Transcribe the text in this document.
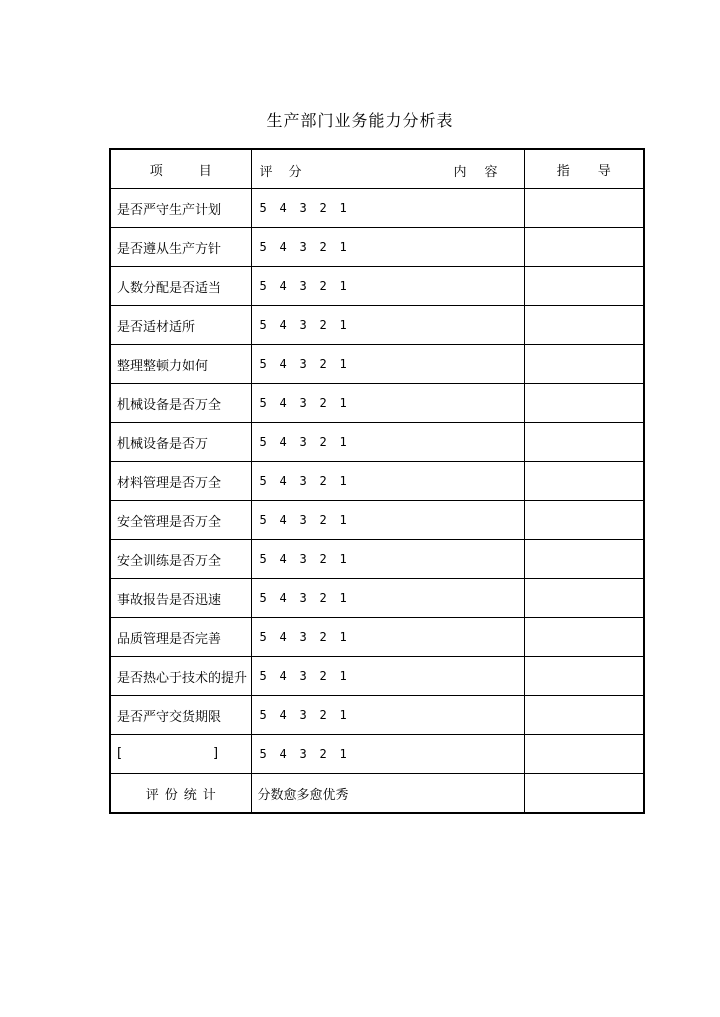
生产部门业务能力分析表
项 目	评 分 内 容	指 导
是否严守生产计划	5 4 3 2 1	
是否遵从生产方针	5 4 3 2 1	
人数分配是否适当	5 4 3 2 1	
是否适材适所	5 4 3 2 1	
整理整顿力如何	5 4 3 2 1	
机械设备是否万全	5 4 3 2 1	
机械设备是否万	5 4 3 2 1	
材料管理是否万全	5 4 3 2 1	
安全管理是否万全	5 4 3 2 1	
安全训练是否万全	5 4 3 2 1	
事故报告是否迅速	5 4 3 2 1	
品质管理是否完善	5 4 3 2 1	
是否热心于技术的提升	5 4 3 2 1	
是否严守交货期限	5 4 3 2 1	

[ ]	5 4 3 2 1	
评 份 统 计	分数愈多愈优秀	
